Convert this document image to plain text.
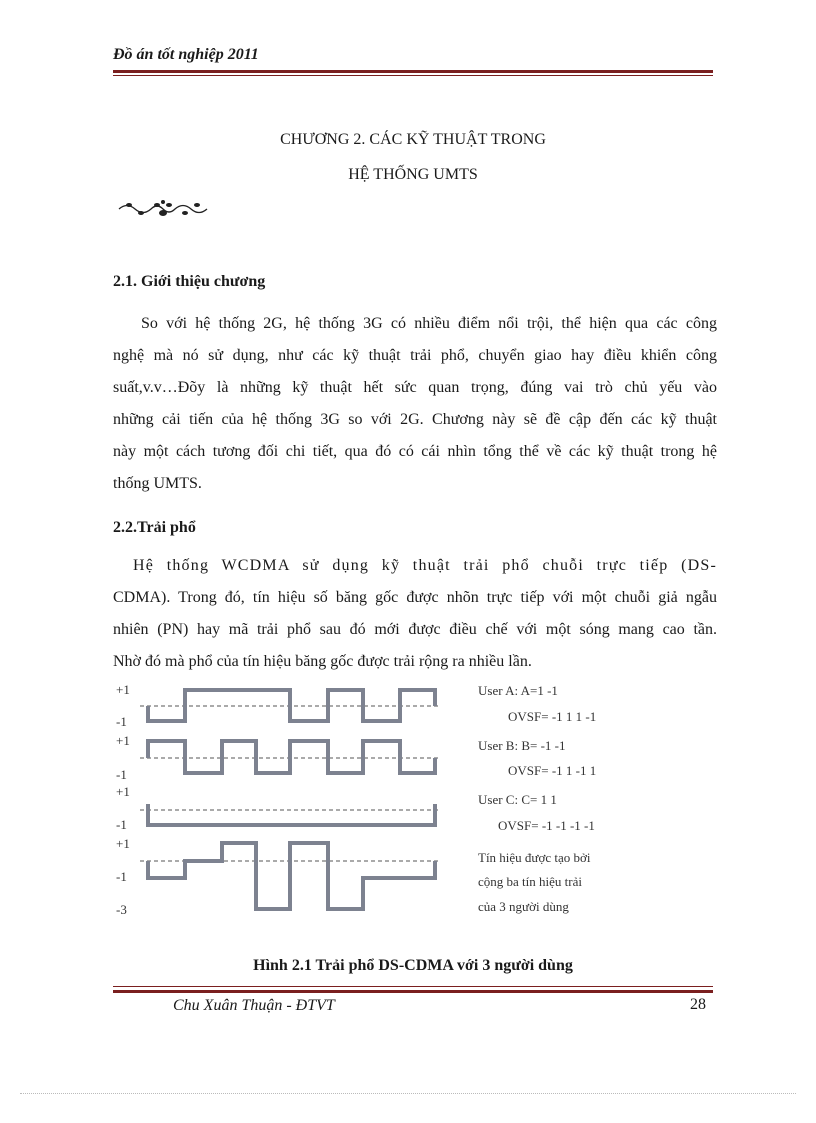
Đồ án tốt nghiệp 2011
CHƯƠNG 2. CÁC KỸ THUẬT TRONG
HỆ THỐNG UMTS
2.1. Giới thiệu chương
So với hệ thống 2G, hệ thống 3G có nhiều điểm nổi trội, thể hiện qua các công
nghệ mà nó sử dụng, như các kỹ thuật trải phổ, chuyển giao hay điều khiển công
suất,v.v…Đõy là những kỹ thuật hết sức quan trọng, đúng vai trò chủ yếu vào
những cải tiến của hệ thống 3G so với 2G. Chương này sẽ đề cập đến các kỹ thuật
này một cách tương đối chi tiết, qua đó có cái nhìn tổng thể về các kỹ thuật trong hệ
thống UMTS.
2.2.Trải phổ
Hệ thống WCDMA sử dụng kỹ thuật trải phổ chuỗi trực tiếp (DS-
CDMA). Trong đó, tín hiệu số băng gốc được nhõn trực tiếp với một chuỗi giả ngẫu
nhiên (PN) hay mã trải phổ sau đó mới được điều chế với một sóng mang cao tần.
Nhờ đó mà phổ của tín hiệu băng gốc được trải rộng ra nhiều lần.
+1
-1
+1
-1
+1
-1
+1
-1
-3
User A: A=1 -1
OVSF= -1 1 1 -1
User B: B= -1 -1
OVSF= -1 1 -1 1
User C: C= 1 1
OVSF= -1 -1 -1 -1
Tín hiệu được tạo bởi
cộng ba tín hiệu trải
của 3 người dùng
Hình 2.1 Trải phổ DS-CDMA với 3 người dùng
Chu Xuân Thuận - ĐTVT	28
